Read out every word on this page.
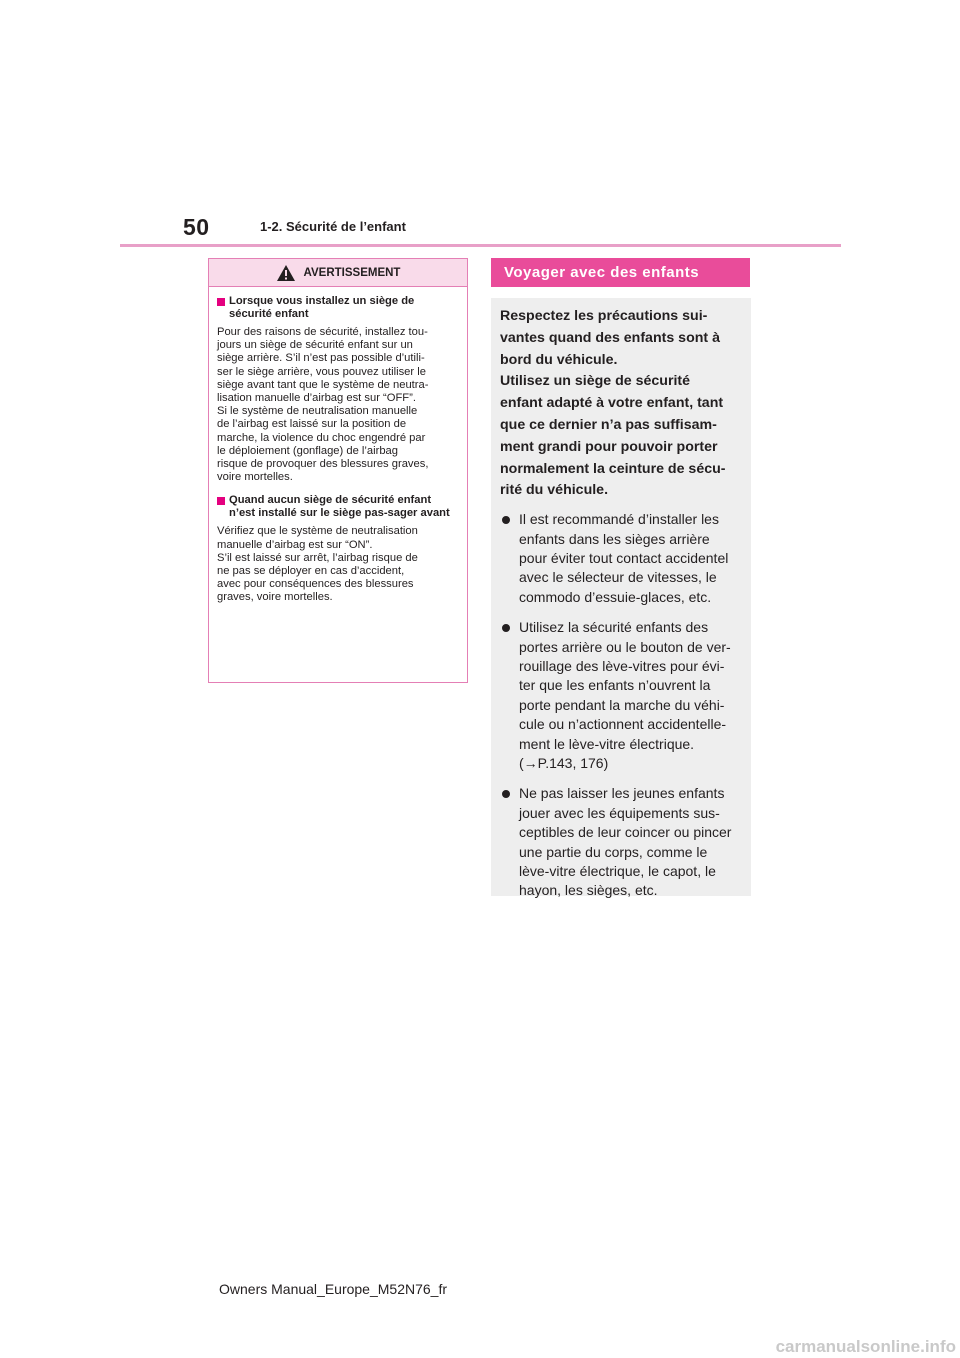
50	1-2. Sécurité de l’enfant
AVERTISSEMENT
Lorsque vous installez un siège de sécurité enfant

Pour des raisons de sécurité, installez tou-
jours un siège de sécurité enfant sur un
siège arrière. S’il n’est pas possible d’utili-
ser le siège arrière, vous pouvez utiliser le
siège avant tant que le système de neutra-
lisation manuelle d’airbag est sur “OFF”.
Si le système de neutralisation manuelle
de l’airbag est laissé sur la position de
marche, la violence du choc engendré par
le déploiement (gonflage) de l’airbag
risque de provoquer des blessures graves,
voire mortelles.

Quand aucun siège de sécurité enfant n’est installé sur le siège pas-sager avant

Vérifiez que le système de neutralisation
manuelle d’airbag est sur “ON”.
S’il est laissé sur arrêt, l’airbag risque de
ne pas se déployer en cas d’accident,
avec pour conséquences des blessures
graves, voire mortelles.

Voyager avec des enfants

Respectez les précautions sui-
vantes quand des enfants sont à
bord du véhicule.
Utilisez un siège de sécurité
enfant adapté à votre enfant, tant
que ce dernier n’a pas suffisam-
ment grandi pour pouvoir porter
normalement la ceinture de sécu-
rité du véhicule.

Il est recommandé d’installer les
enfants dans les sièges arrière
pour éviter tout contact accidentel
avec le sélecteur de vitesses, le
commodo d’essuie-glaces, etc.
Utilisez la sécurité enfants des
portes arrière ou le bouton de ver-
rouillage des lève-vitres pour évi-
ter que les enfants n’ouvrent la
porte pendant la marche du véhi-
cule ou n’actionnent accidentelle-
ment le lève-vitre électrique.
(→P.143, 176)
Ne pas laisser les jeunes enfants
jouer avec les équipements sus-
ceptibles de leur coincer ou pincer
une partie du corps, comme le
lève-vitre électrique, le capot, le
hayon, les sièges, etc.
Owners Manual_Europe_M52N76_fr
carmanualsonline.info
